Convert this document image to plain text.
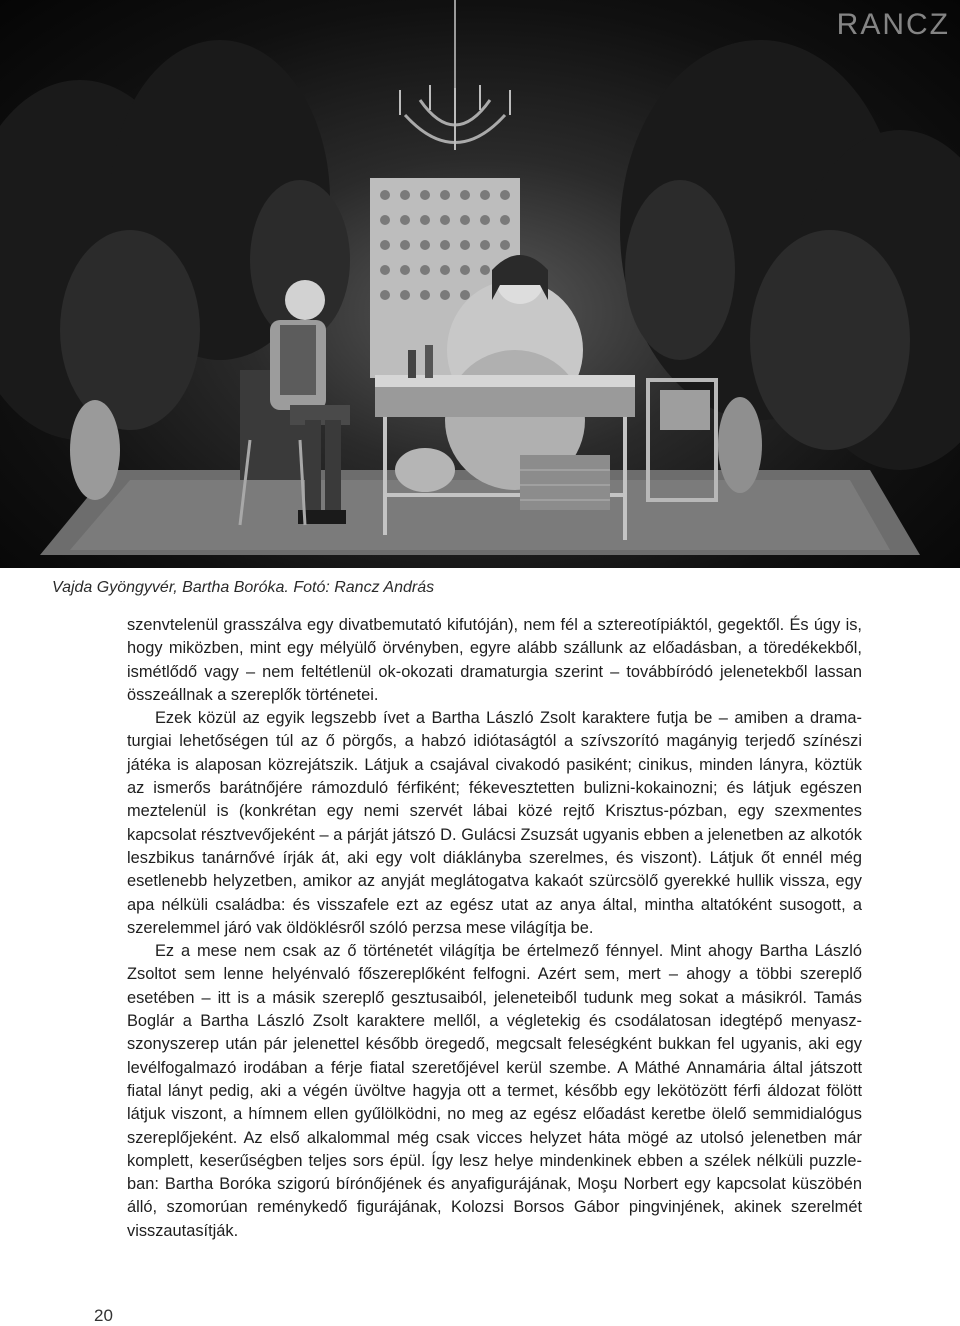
RANCZ
Vajda Gyöngyvér, Bartha Boróka. Fotó: Rancz András

szenvtelenül grasszálva egy divatbemutató kifutóján), nem fél a sztereotípiáktól, gegektől. És úgy is, hogy miközben, mint egy mélyülő örvényben, egyre alább szállunk az előadásban, a töredékekből, ismétlődő vagy – nem feltétlenül ok-okozati dramaturgia szerint – továbbíródó jelenetekből lassan összeállnak a szereplők történetei.

Ezek közül az egyik legszebb ívet a Bartha László Zsolt karaktere futja be – amiben a dramaturgiai lehetőségen túl az ő pörgős, a habzó idiótaságtól a szívszorító magányig terjedő színészi játéka is alaposan közrejátszik. Látjuk a csajával civakodó pasiként; cinikus, minden lányra, köztük az ismerős barátnőjére rámozduló férfiként; fékevesztetten bulizni-kokainozni; és látjuk egészen meztelenül is (konkrétan egy nemi szervét lábai közé rejtő Krisztus-pózban, egy szexmentes kapcsolat résztvevőjeként – a párját játszó D. Gulácsi Zsuzsát ugyanis ebben a jelenetben az alkotók leszbikus tanárnővé írják át, aki egy volt diáklányba szerelmes, és viszont). Látjuk őt ennél még esetlenebb helyzetben, amikor az anyját meglátogatva kakaót szürcsölő gyerekké hullik vissza, egy apa nélküli családba: és visszafele ezt az egész utat az anya által, mintha altatóként susogott, a szerelemmel járó vak öldöklésről szóló perzsa mese világítja be.

Ez a mese nem csak az ő történetét világítja be értelmező fénnyel. Mint ahogy Bartha László Zsoltot sem lenne helyénvaló főszereplőként felfogni. Azért sem, mert – ahogy a többi szereplő esetében – itt is a másik szereplő gesztusaiból, jeleneteiből tudunk meg sokat a másikról. Tamás Boglár a Bartha László Zsolt karaktere mellől, a végletekig és csodálatosan idegtépő menyaszszonyszerep után pár jelenettel később öregedő, megcsalt feleségként bukkan fel ugyanis, aki egy levélfogalmazó irodában a férje fiatal szeretőjével kerül szembe. A Máthé Annamária által játszott fiatal lányt pedig, aki a végén üvöltve hagyja ott a termet, később egy lekötözött férfi áldozat fölött látjuk viszont, a hímnem ellen gyűlölködni, no meg az egész előadást keretbe ölelő semmidialógus szereplőjeként. Az első alkalommal még csak vicces helyzet háta mögé az utolsó jelenetben már komplett, keserűségben teljes sors épül. Így lesz helye mindenkinek ebben a szélek nélküli puzzle-ban: Bartha Boróka szigorú bírónőjének és anyafigurájának, Moşu Norbert egy kapcsolat küszöbén álló, szomorúan reménykedő figurájának, Kolozsi Borsos Gábor pingvinjének, akinek szerelmét visszautasítják.

20
